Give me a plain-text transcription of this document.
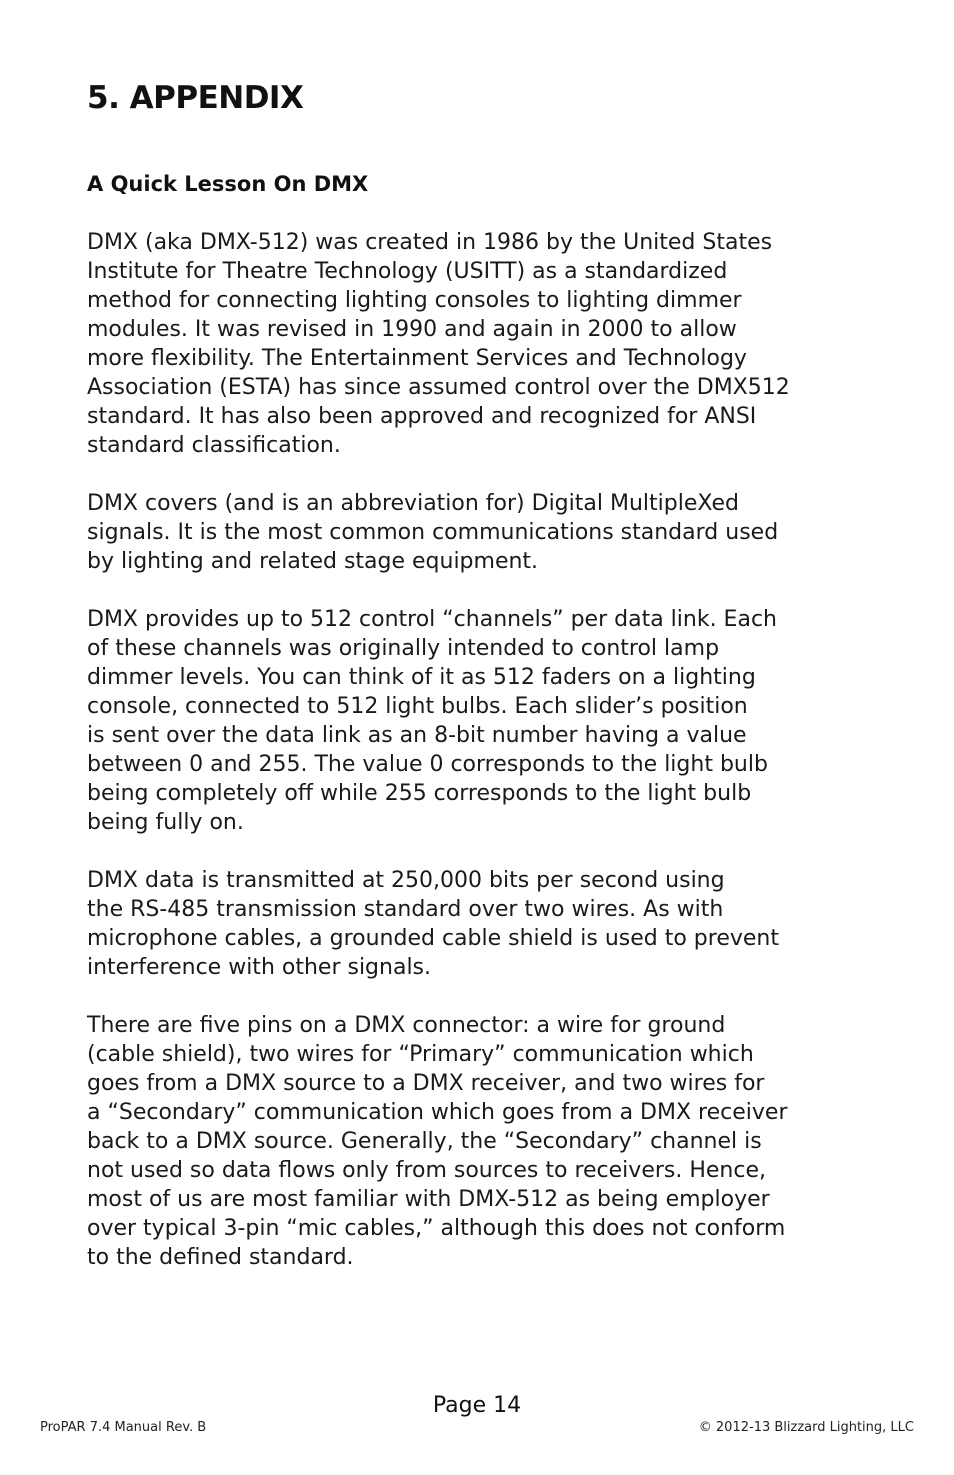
5. APPENDIX
A Quick Lesson On DMX

DMX (aka DMX-512) was created in 1986 by the United States
Institute for Theatre Technology (USITT) as a standardized
method for connecting lighting consoles to lighting dimmer
modules. It was revised in 1990 and again in 2000 to allow
more flexibility. The Entertainment Services and Technology
Association (ESTA) has since assumed control over the DMX512
standard. It has also been approved and recognized for ANSI
standard classification.

DMX covers (and is an abbreviation for) Digital MultipleXed
signals. It is the most common communications standard used
by lighting and related stage equipment.

DMX provides up to 512 control “channels” per data link. Each
of these channels was originally intended to control lamp
dimmer levels. You can think of it as 512 faders on a lighting
console, connected to 512 light bulbs. Each slider’s position
is sent over the data link as an 8-bit number having a value
between 0 and 255. The value 0 corresponds to the light bulb
being completely off while 255 corresponds to the light bulb
being fully on.

DMX data is transmitted at 250,000 bits per second using
the RS-485 transmission standard over two wires. As with
microphone cables, a grounded cable shield is used to prevent
interference with other signals.

There are five pins on a DMX connector: a wire for ground
(cable shield), two wires for “Primary” communication which
goes from a DMX source to a DMX receiver, and two wires for
a “Secondary” communication which goes from a DMX receiver
back to a DMX source. Generally, the “Secondary” channel is
not used so data flows only from sources to receivers. Hence,
most of us are most familiar with DMX-512 as being employer
over typical 3-pin “mic cables,” although this does not conform
to the defined standard.

Page 14
ProPAR 7.4 Manual Rev. B	© 2012-13 Blizzard Lighting, LLC
